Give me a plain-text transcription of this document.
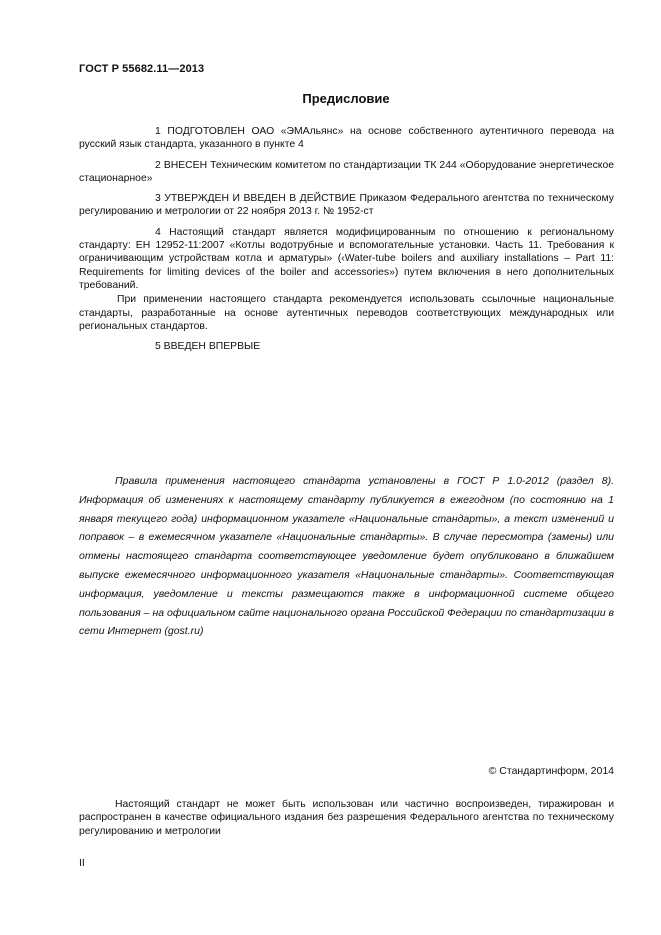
ГОСТ Р 55682.11—2013
Предисловие

1 ПОДГОТОВЛЕН ОАО «ЭМАльянс» на основе собственного аутентичного перевода на русский язык стандарта, указанного в пункте 4

2 ВНЕСЕН Техническим комитетом по стандартизации ТК 244 «Оборудование энергетическое стационарное»

3 УТВЕРЖДЕН И ВВЕДЕН В ДЕЙСТВИЕ Приказом Федерального агентства по техническому регулированию и метрологии от 22 ноября 2013 г. № 1952-ст

4 Настоящий стандарт является модифицированным по отношению к региональному стандарту: ЕН 12952-11:2007 «Котлы водотрубные и вспомогательные установки. Часть 11. Требования к ограничивающим устройствам котла и арматуры» (‹Water-tube boilers and auxiliary installations – Part 11: Requirements for limiting devices of the boiler and accessories») путем включения в него дополнительных требований.

При применении настоящего стандарта рекомендуется использовать ссылочные национальные стандарты, разработанные на основе аутентичных переводов соответствующих международных или региональных стандартов.

5 ВВЕДЕН ВПЕРВЫЕ

Правила применения настоящего стандарта установлены в ГОСТ Р 1.0-2012 (раздел 8). Информация об изменениях к настоящему стандарту публикуется в ежегодном (по состоянию на 1 января текущего года) информационном указателе «Национальные стандарты», а текст изменений и поправок – в ежемесячном указателе «Национальные стандарты». В случае пересмотра (замены) или отмены настоящего стандарта соответствующее уведомление будет опубликовано в ближайшем выпуске ежемесячного информационного указателя «Национальные стандарты». Соответствующая информация, уведомление и тексты размещаются также в информационной системе общего пользования – на официальном сайте национального органа Российской Федерации по стандартизации в сети Интернет (gost.ru)
© Стандартинформ, 2014
Настоящий стандарт не может быть использован или частично воспроизведен, тиражирован и распространен в качестве официального издания без разрешения Федерального агентства по техническому регулированию и метрологии
II
